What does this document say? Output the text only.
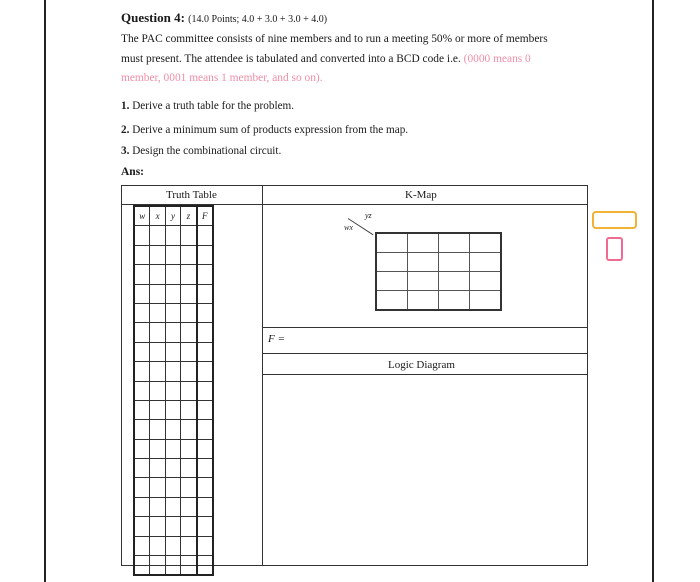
Question 4: (14.0 Points; 4.0 + 3.0 + 3.0 + 4.0)
The PAC committee consists of nine members and to run a meeting 50% or more of members
must present. The attendee is tabulated and converted into a BCD code i.e. (0000 means 0
member, 0001 means 1 member, and so on).
1. Derive a truth table for the problem.
2. Derive a minimum sum of products expression from the map.
3. Design the combinational circuit.
Ans:
Truth Table
w	x	y	z	F

K-Map
yz
wx

F =
Logic Diagram
